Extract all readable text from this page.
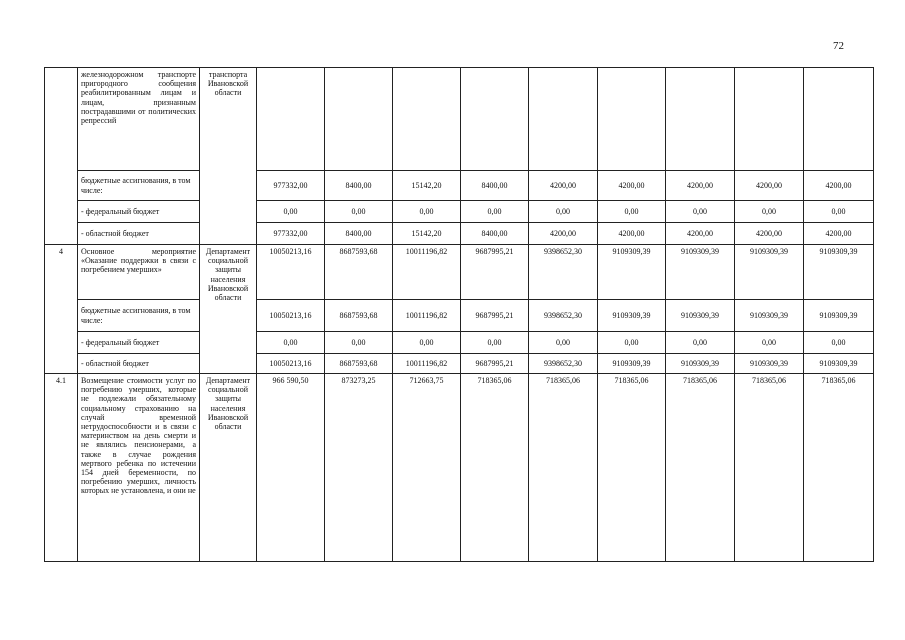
72
	железнодорожном транспорте пригородного сообщения реабилитированным лицам и лицам, признанным пострадавшими от политических репрессий	транспорта Ивановской области									
	бюджетные ассигнования, в том числе:		977332,00	8400,00	15142,20	8400,00	4200,00	4200,00	4200,00	4200,00	4200,00
	- федеральный бюджет		0,00	0,00	0,00	0,00	0,00	0,00	0,00	0,00	0,00
	- областной бюджет		977332,00	8400,00	15142,20	8400,00	4200,00	4200,00	4200,00	4200,00	4200,00
4	Основное мероприятие «Оказание поддержки в связи с погребением умерших»	Департамент социальной защиты населения Ивановской области	10050213,16	8687593,68	10011196,82	9687995,21	9398652,30	9109309,39	9109309,39	9109309,39	9109309,39
	бюджетные ассигнования, в том числе:		10050213,16	8687593,68	10011196,82	9687995,21	9398652,30	9109309,39	9109309,39	9109309,39	9109309,39
	- федеральный бюджет		0,00	0,00	0,00	0,00	0,00	0,00	0,00	0,00	0,00
	- областной бюджет		10050213,16	8687593,68	10011196,82	9687995,21	9398652,30	9109309,39	9109309,39	9109309,39	9109309,39
4.1	Возмещение стоимости услуг по погребению умерших, которые не подлежали обязательному социальному страхованию на случай временной нетрудоспособности и в связи с материнством на день смерти и не являлись пенсионерами, а также в случае рождения мертвого ребенка по истечении 154 дней беременности, по погребению умерших, личность которых не установлена, и они не	Департамент социальной защиты населения Ивановской области	966 590,50	873273,25	712663,75	718365,06	718365,06	718365,06	718365,06	718365,06	718365,06
